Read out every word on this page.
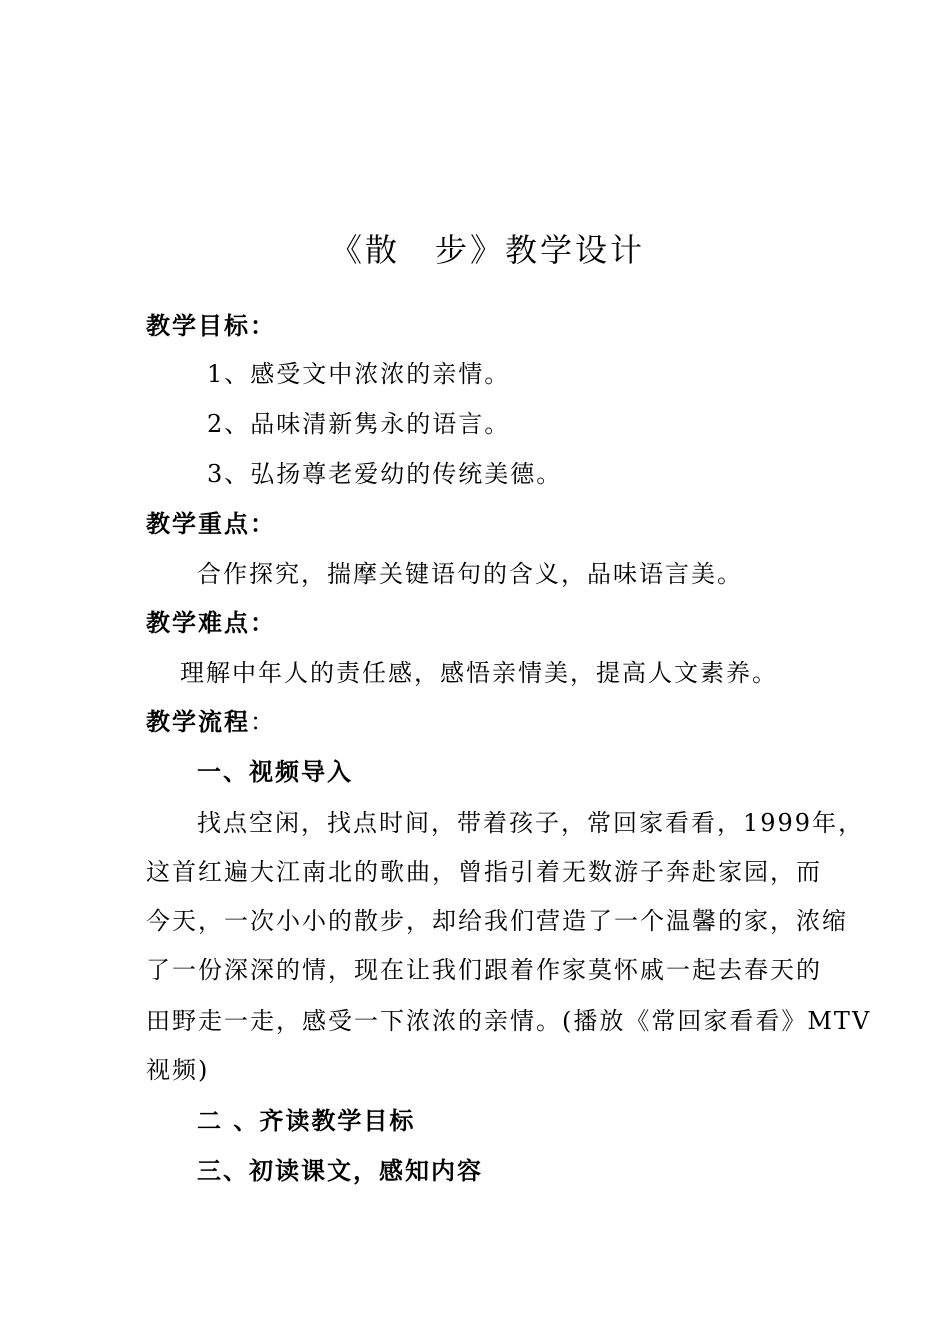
《散　步》教学设计
教学目标：
1、感受文中浓浓的亲情。
2、品味清新隽永的语言。
3、弘扬尊老爱幼的传统美德。
教学重点：
合作探究，揣摩关键语句的含义，品味语言美。
教学难点：
理解中年人的责任感，感悟亲情美，提高人文素养。
教学流程：
一、视频导入
找点空闲，找点时间，带着孩子，常回家看看，1999年，
这首红遍大江南北的歌曲，曾指引着无数游子奔赴家园，而
今天，一次小小的散步，却给我们营造了一个温馨的家，浓缩
了一份深深的情，现在让我们跟着作家莫怀戚一起去春天的
田野走一走，感受一下浓浓的亲情。(播放《常回家看看》MTV
视频)
二 、齐读教学目标
三、初读课文，感知内容
